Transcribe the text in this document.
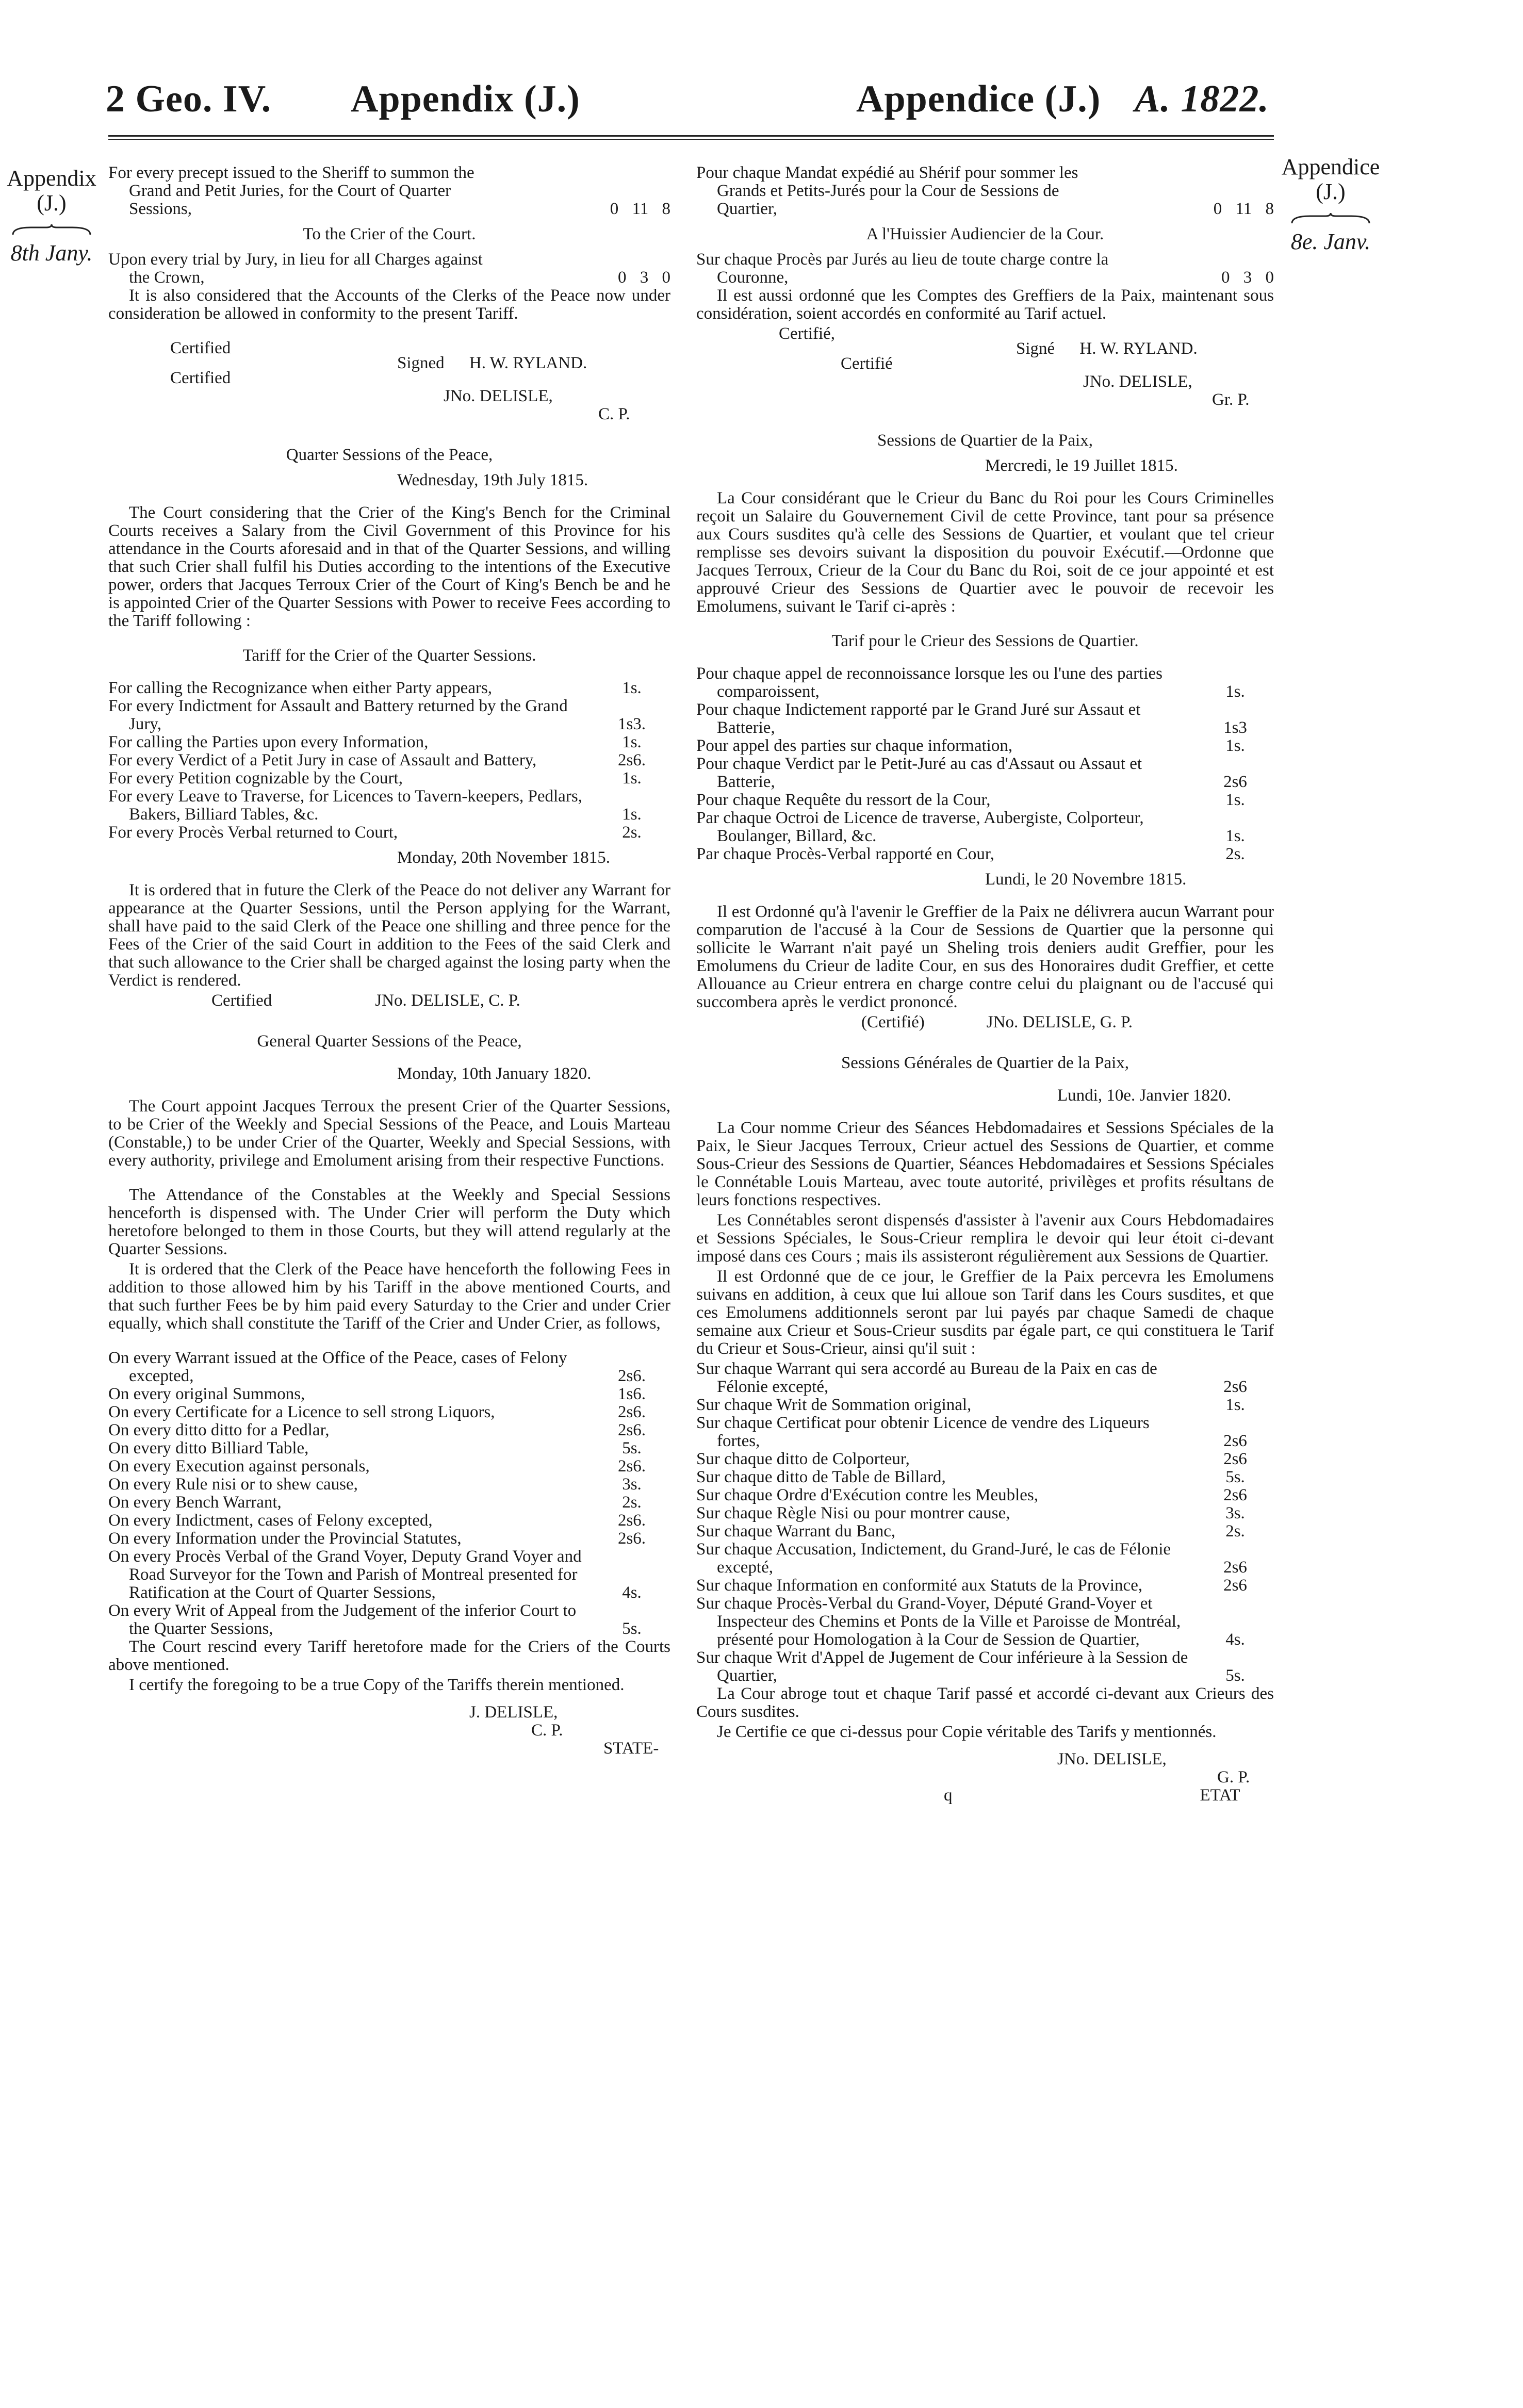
2 Geo. IV. Appendix (J.)	Appendice (J.) A. 1822.
Appendix
(J.)
8th Jany.
Appendice
(J.)
8e. Janv.
For every precept issued to the Sheriff to summon the Grand and Petit Juries, for the Court of Quarter Sessions,	0 11 8
To the Crier of the Court.
Upon every trial by Jury, in lieu for all Charges against the Crown,	0 3 0

It is also considered that the Accounts of the Clerks of the Peace now under consideration be allowed in conformity to the present Tariff.

Certified
Signed H. W. RYLAND.
Certified
JNo. DELISLE,
C. P.
Quarter Sessions of the Peace,
Wednesday, 19th July 1815.

The Court considering that the Crier of the King's Bench for the Criminal Courts receives a Salary from the Civil Government of this Province for his attendance in the Courts aforesaid and in that of the Quarter Sessions, and willing that such Crier shall fulfil his Duties according to the intentions of the Executive power, orders that Jacques Terroux Crier of the Court of King's Bench be and he is appointed Crier of the Quarter Sessions with Power to receive Fees according to the Tariff following :

Tariff for the Crier of the Quarter Sessions.
For calling the Recognizance when either Party appears,	1s.
For every Indictment for Assault and Battery returned by the Grand Jury,	1s3.
For calling the Parties upon every Information,	1s.
For every Verdict of a Petit Jury in case of Assault and Battery,	2s6.
For every Petition cognizable by the Court,	1s.
For every Leave to Traverse, for Licences to Tavern-keepers, Pedlars, Bakers, Billiard Tables, &c.	1s.
For every Procès Verbal returned to Court,	2s.
Monday, 20th November 1815.

It is ordered that in future the Clerk of the Peace do not deliver any Warrant for appearance at the Quarter Sessions, until the Person applying for the Warrant, shall have paid to the said Clerk of the Peace one shilling and three pence for the Fees of the Crier of the said Court in addition to the Fees of the said Clerk and that such allowance to the Crier shall be charged against the losing party when the Verdict is rendered.

Certified	JNo. DELISLE, C. P.
General Quarter Sessions of the Peace,
Monday, 10th January 1820.

The Court appoint Jacques Terroux the present Crier of the Quarter Sessions, to be Crier of the Weekly and Special Sessions of the Peace, and Louis Marteau (Constable,) to be under Crier of the Quarter, Weekly and Special Sessions, with every authority, privilege and Emolument arising from their respective Functions.

The Attendance of the Constables at the Weekly and Special Sessions henceforth is dispensed with. The Under Crier will perform the Duty which heretofore belonged to them in those Courts, but they will attend regularly at the Quarter Sessions.

It is ordered that the Clerk of the Peace have henceforth the following Fees in addition to those allowed him by his Tariff in the above mentioned Courts, and that such further Fees be by him paid every Saturday to the Crier and under Crier equally, which shall constitute the Tariff of the Crier and Under Crier, as follows,

On every Warrant issued at the Office of the Peace, cases of Felony excepted,	2s6.
On every original Summons,	1s6.
On every Certificate for a Licence to sell strong Liquors,	2s6.
On every ditto ditto for a Pedlar,	2s6.
On every ditto Billiard Table,	5s.
On every Execution against personals,	2s6.
On every Rule nisi or to shew cause,	3s.
On every Bench Warrant,	2s.
On every Indictment, cases of Felony excepted,	2s6.
On every Information under the Provincial Statutes,	2s6.
On every Procès Verbal of the Grand Voyer, Deputy Grand Voyer and Road Surveyor for the Town and Parish of Montreal presented for Ratification at the Court of Quarter Sessions,	4s.
On every Writ of Appeal from the Judgement of the inferior Court to the Quarter Sessions,	5s.

The Court rescind every Tariff heretofore made for the Criers of the Courts above mentioned.

I certify the foregoing to be a true Copy of the Tariffs therein mentioned.

J. DELISLE,
C. P.
STATE-
Pour chaque Mandat expédié au Shérif pour sommer les Grands et Petits-Jurés pour la Cour de Sessions de Quartier,	0 11 8
A l'Huissier Audiencier de la Cour.
Sur chaque Procès par Jurés au lieu de toute charge contre la Couronne,	0 3 0

Il est aussi ordonné que les Comptes des Greffiers de la Paix, maintenant sous considération, soient accordés en conformité au Tarif actuel.

Certifié,
Signé H. W. RYLAND.
Certifié
JNo. DELISLE,
Gr. P.
Sessions de Quartier de la Paix,
Mercredi, le 19 Juillet 1815.

La Cour considérant que le Crieur du Banc du Roi pour les Cours Criminelles reçoit un Salaire du Gouvernement Civil de cette Province, tant pour sa présence aux Cours susdites qu'à celle des Sessions de Quartier, et voulant que tel crieur remplisse ses devoirs suivant la disposition du pouvoir Exécutif.—Ordonne que Jacques Terroux, Crieur de la Cour du Banc du Roi, soit de ce jour appointé et est approuvé Crieur des Sessions de Quartier avec le pouvoir de recevoir les Emolumens, suivant le Tarif ci-après :

Tarif pour le Crieur des Sessions de Quartier.
Pour chaque appel de reconnoissance lorsque les ou l'une des parties comparoissent,	1s.
Pour chaque Indictement rapporté par le Grand Juré sur Assaut et Batterie,	1s3
Pour appel des parties sur chaque information,	1s.
Pour chaque Verdict par le Petit-Juré au cas d'Assaut ou Assaut et Batterie,	2s6
Pour chaque Requête du ressort de la Cour,	1s.
Par chaque Octroi de Licence de traverse, Aubergiste, Colporteur, Boulanger, Billard, &c.	1s.
Par chaque Procès-Verbal rapporté en Cour,	2s.
Lundi, le 20 Novembre 1815.

Il est Ordonné qu'à l'avenir le Greffier de la Paix ne délivrera aucun Warrant pour comparution de l'accusé à la Cour de Sessions de Quartier que la personne qui sollicite le Warrant n'ait payé un Sheling trois deniers audit Greffier, pour les Emolumens du Crieur de ladite Cour, en sus des Honoraires dudit Greffier, et cette Allouance au Crieur entrera en charge contre celui du plaignant ou de l'accusé qui succombera après le verdict prononcé.

(Certifié)	JNo. DELISLE, G. P.
Sessions Générales de Quartier de la Paix,
Lundi, 10e. Janvier 1820.

La Cour nomme Crieur des Séances Hebdomadaires et Sessions Spéciales de la Paix, le Sieur Jacques Terroux, Crieur actuel des Sessions de Quartier, et comme Sous-Crieur des Sessions de Quartier, Séances Hebdomadaires et Sessions Spéciales le Connétable Louis Marteau, avec toute autorité, privilèges et profits résultans de leurs fonctions respectives.

Les Connétables seront dispensés d'assister à l'avenir aux Cours Hebdomadaires et Sessions Spéciales, le Sous-Crieur remplira le devoir qui leur étoit ci-devant imposé dans ces Cours ; mais ils assisteront régulièrement aux Sessions de Quartier.

Il est Ordonné que de ce jour, le Greffier de la Paix percevra les Emolumens suivans en addition, à ceux que lui alloue son Tarif dans les Cours susdites, et que ces Emolumens additionnels seront par lui payés par chaque Samedi de chaque semaine aux Crieur et Sous-Crieur susdits par égale part, ce qui constituera le Tarif du Crieur et Sous-Crieur, ainsi qu'il suit :

Sur chaque Warrant qui sera accordé au Bureau de la Paix en cas de Félonie excepté,	2s6
Sur chaque Writ de Sommation original,	1s.
Sur chaque Certificat pour obtenir Licence de vendre des Liqueurs fortes,	2s6
Sur chaque ditto de Colporteur,	2s6
Sur chaque ditto de Table de Billard,	5s.
Sur chaque Ordre d'Exécution contre les Meubles,	2s6
Sur chaque Règle Nisi ou pour montrer cause,	3s.
Sur chaque Warrant du Banc,	2s.
Sur chaque Accusation, Indictement, du Grand-Juré, le cas de Félonie excepté,	2s6
Sur chaque Information en conformité aux Statuts de la Province,	2s6
Sur chaque Procès-Verbal du Grand-Voyer, Député Grand-Voyer et Inspecteur des Chemins et Ponts de la Ville et Paroisse de Montréal, présenté pour Homologation à la Cour de Session de Quartier,	4s.
Sur chaque Writ d'Appel de Jugement de Cour inférieure à la Session de Quartier,	5s.

La Cour abroge tout et chaque Tarif passé et accordé ci-devant aux Crieurs des Cours susdites.

Je Certifie ce que ci-dessus pour Copie véritable des Tarifs y mentionnés.

JNo. DELISLE,
G. P.
q	ETAT
